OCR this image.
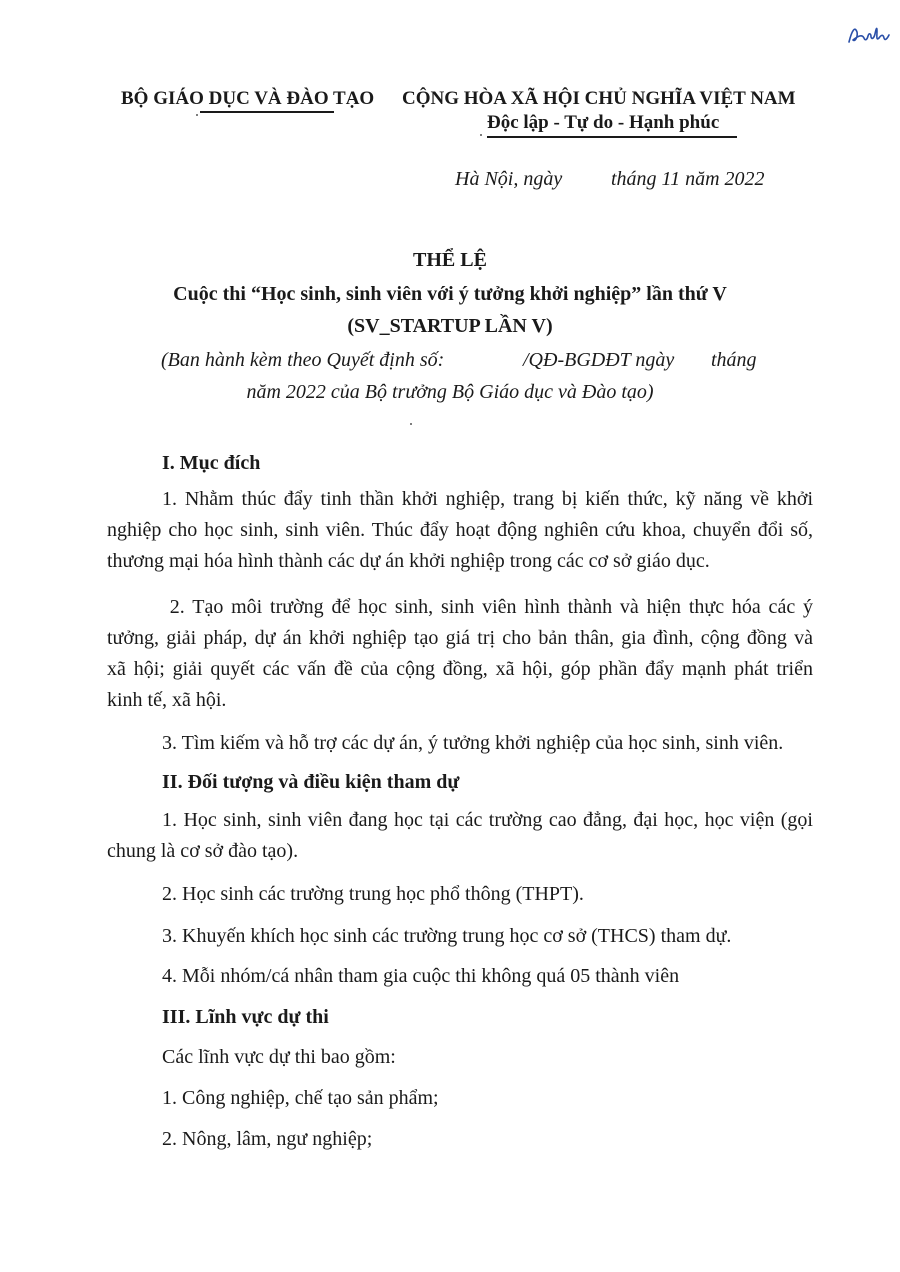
BỘ GIÁO DỤC VÀ ĐÀO TẠO CỘNG HÒA XÃ HỘI CHỦ NGHĨA VIỆT NAM
Độc lập - Tự do - Hạnh phúc
Hà Nội, ngày tháng 11 năm 2022
THỂ LỆ
Cuộc thi “Học sinh, sinh viên với ý tưởng khởi nghiệp” lần thứ V
(SV_STARTUP LẦN V)
(Ban hành kèm theo Quyết định số:	/QĐ-BGDĐT ngày tháng
năm 2022 của Bộ trưởng Bộ Giáo dục và Đào tạo)
I. Mục đích
1. Nhằm thúc đẩy tinh thần khởi nghiệp, trang bị kiến thức, kỹ năng về khởi
nghiệp cho học sinh, sinh viên. Thúc đẩy hoạt động nghiên cứu khoa, chuyển đổi số,
thương mại hóa hình thành các dự án khởi nghiệp trong các cơ sở giáo dục.
2. Tạo môi trường để học sinh, sinh viên hình thành và hiện thực hóa các ý
tưởng, giải pháp, dự án khởi nghiệp tạo giá trị cho bản thân, gia đình, cộng đồng và
xã hội; giải quyết các vấn đề của cộng đồng, xã hội, góp phần đẩy mạnh phát triển
kinh tế, xã hội.
3. Tìm kiếm và hỗ trợ các dự án, ý tưởng khởi nghiệp của học sinh, sinh viên.
II. Đối tượng và điều kiện tham dự
1. Học sinh, sinh viên đang học tại các trường cao đẳng, đại học, học viện (gọi
chung là cơ sở đào tạo).
2. Học sinh các trường trung học phổ thông (THPT).
3. Khuyến khích học sinh các trường trung học cơ sở (THCS) tham dự.
4. Mỗi nhóm/cá nhân tham gia cuộc thi không quá 05 thành viên
III. Lĩnh vực dự thi
Các lĩnh vực dự thi bao gồm:
1. Công nghiệp, chế tạo sản phẩm;
2. Nông, lâm, ngư nghiệp;
